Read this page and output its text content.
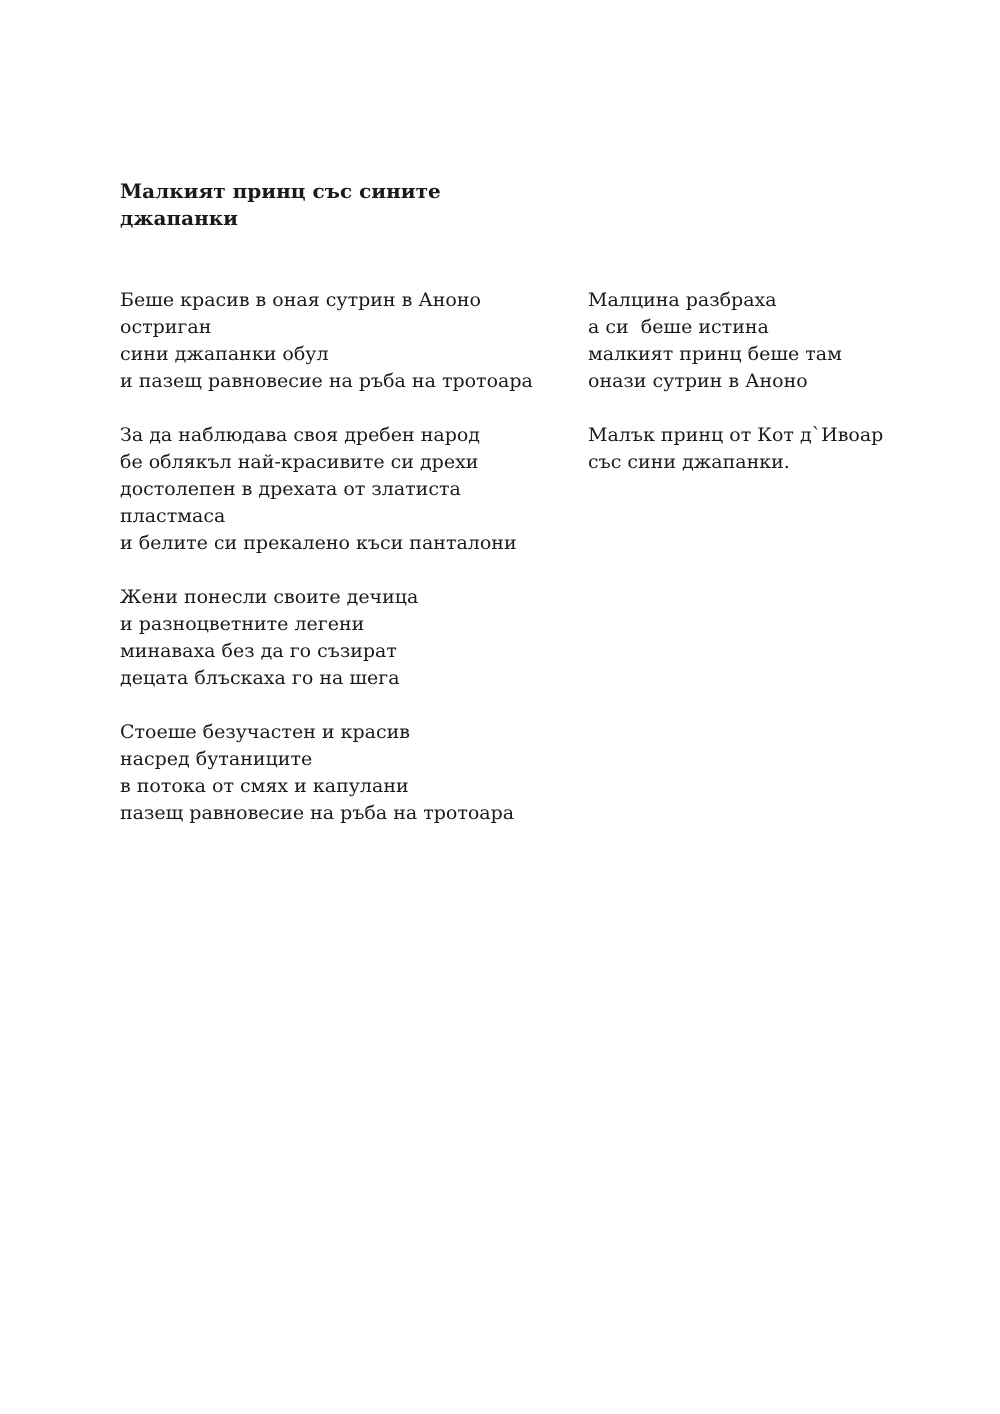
Малкият принц със сините
джапанки
Беше красив в оная сутрин в Аноно
остриган
сини джапанки обул
и пазещ равновесие на ръба на тротоара
За да наблюдава своя дребен народ
бе облякъл най-красивите си дрехи
достолепен в дрехата от златиста
пластмаса
и белите си прекалено къси панталони
Жени понесли своите дечица
и разноцветните легени
минаваха без да го съзират
децата блъскаха го на шега
Стоеше безучастен и красив
насред бутаниците
в потока от смях и капулани
пазещ равновесие на ръба на тротоара
Малцина разбраха
а си  беше истина
малкият принц беше там
онази сутрин в Аноно
Малък принц от Кот д`Ивоар
със сини джапанки.
